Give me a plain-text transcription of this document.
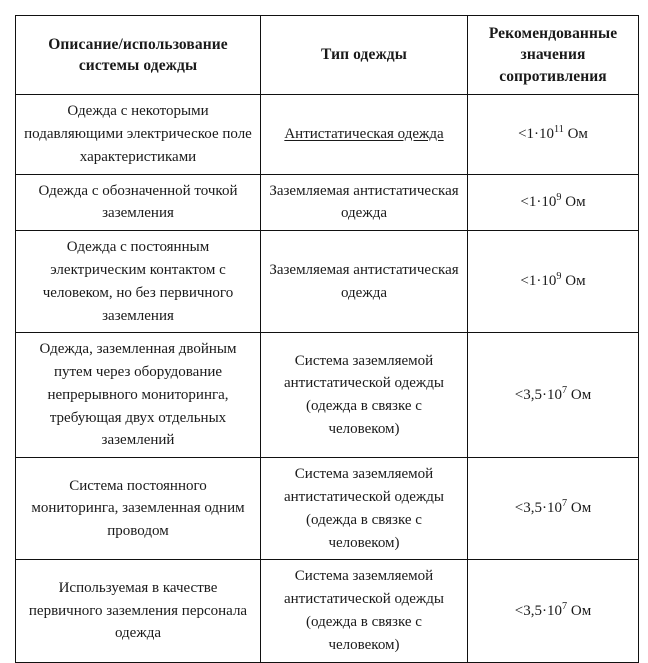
Описание/использование системы одежды	Тип одежды	Рекомендованные значения сопротивления
Одежда с некоторыми подавляющими электрическое поле характеристиками	Антистатическая одежда	$<1\cdot 10^{11}$ Ом
Одежда с обозначенной точкой заземления	Заземляемая антистатическая одежда	$<1\cdot 10^9$ Ом
Одежда с постоянным электрическим контактом с человеком, но без первичного заземления	Заземляемая антистатическая одежда	$<1\cdot 10^9$ Ом
Одежда, заземленная двойным путем через оборудование непрерывного мониторинга, требующая двух отдельных заземлений	Система заземляемой антистатической одежды (одежда в связке с человеком)	$<3,5\cdot 10^7$ Ом
Система постоянного мониторинга, заземленная одним проводом	Система заземляемой антистатической одежды (одежда в связке с человеком)	$<3,5\cdot 10^7$ Ом
Используемая в качестве первичного заземления персонала одежда	Система заземляемой антистатической одежды (одежда в связке с человеком)	$<3,5\cdot 10^7$ Ом
